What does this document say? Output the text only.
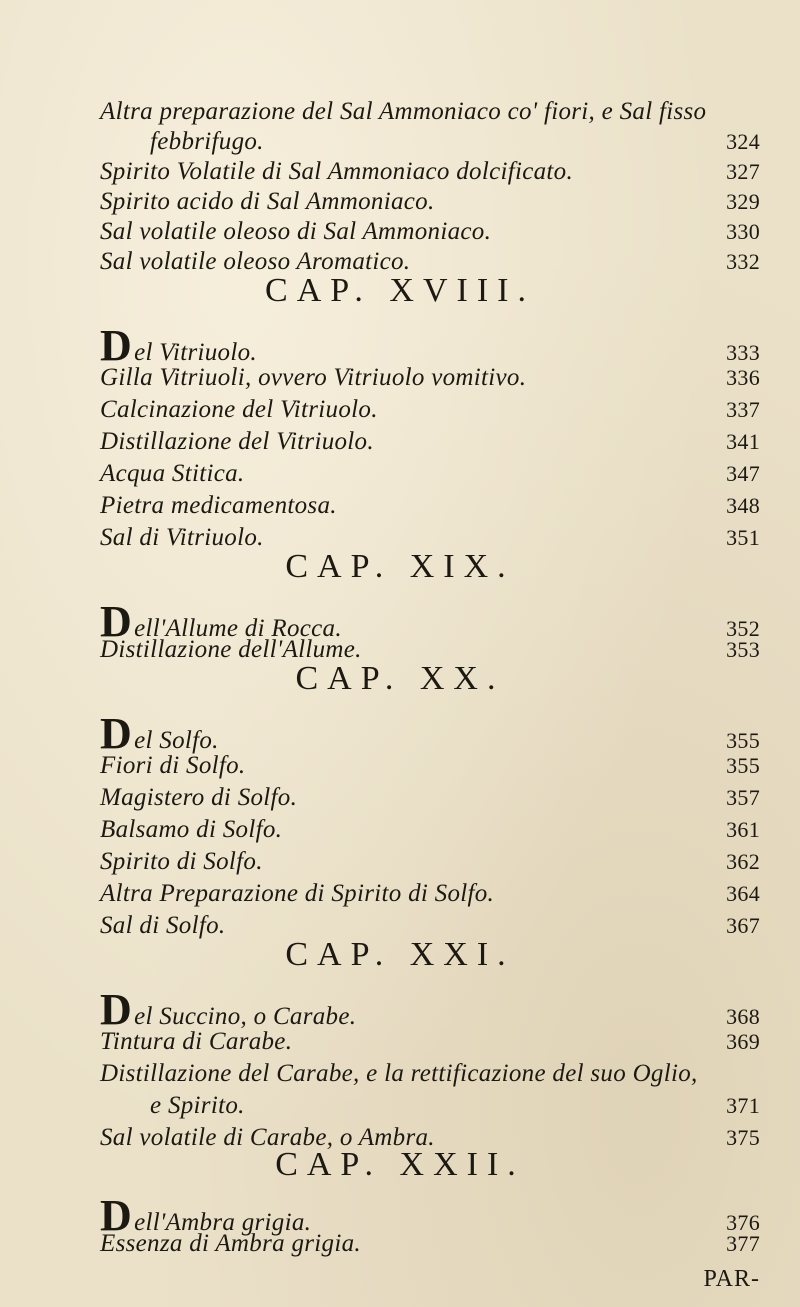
Altra preparazione del Sal Ammoniaco co' fiori, e Sal fisso
febbrifugo.	324
Spirito Volatile di Sal Ammoniaco dolcificato.	327
Spirito acido di Sal Ammoniaco.	329
Sal volatile oleoso di Sal Ammoniaco.	330
Sal volatile oleoso Aromatico.	332
CAP. XVIII.
D el Vitriuolo.	333
Gilla Vitriuoli, ovvero Vitriuolo vomitivo.	336
Calcinazione del Vitriuolo.	337
Distillazione del Vitriuolo.	341
Acqua Stitica.	347
Pietra medicamentosa.	348
Sal di Vitriuolo.	351
CAP. XIX.
D ell'Allume di Rocca.	352
Distillazione dell'Allume.	353
CAP. XX.
D el Solfo.	355
Fiori di Solfo.	355
Magistero di Solfo.	357
Balsamo di Solfo.	361
Spirito di Solfo.	362
Altra Preparazione di Spirito di Solfo.	364
Sal di Solfo.	367
CAP. XXI.
D el Succino, o Carabe.	368
Tintura di Carabe.	369
Distillazione del Carabe, e la rettificazione del suo Oglio,
e Spirito.	371
Sal volatile di Carabe, o Ambra.	375
CAP. XXII.
D ell'Ambra grigia.	376
Essenza di Ambra grigia.	377
PAR-
